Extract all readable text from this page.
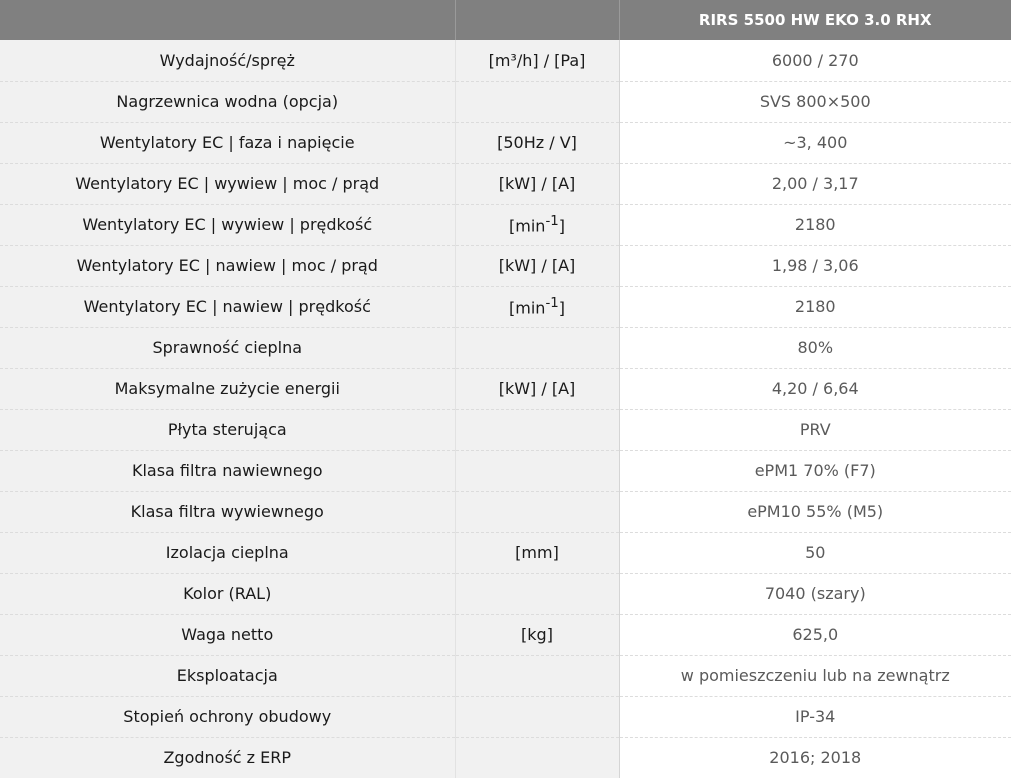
		RIRS 5500 HW EKO 3.0 RHX
Wydajność/spręż	[m³/h] / [Pa]	6000 / 270
Nagrzewnica wodna (opcja)		SVS 800×500
Wentylatory EC | faza i napięcie	[50Hz / V]	~3, 400
Wentylatory EC | wywiew | moc / prąd	[kW] / [A]	2,00 / 3,17
Wentylatory EC | wywiew | prędkość	$[\min^{-1}]$	2180
Wentylatory EC | nawiew | moc / prąd	[kW] / [A]	1,98 / 3,06
Wentylatory EC | nawiew | prędkość	$[\min^{-1}]$	2180
Sprawność cieplna		80%
Maksymalne zużycie energii	[kW] / [A]	4,20 / 6,64
Płyta sterująca		PRV
Klasa filtra nawiewnego		ePM1 70% (F7)
Klasa filtra wywiewnego		ePM10 55% (M5)
Izolacja cieplna	[mm]	50
Kolor (RAL)		7040 (szary)
Waga netto	[kg]	625,0
Eksploatacja		w pomieszczeniu lub na zewnątrz
Stopień ochrony obudowy		IP-34
Zgodność z ERP		2016; 2018
